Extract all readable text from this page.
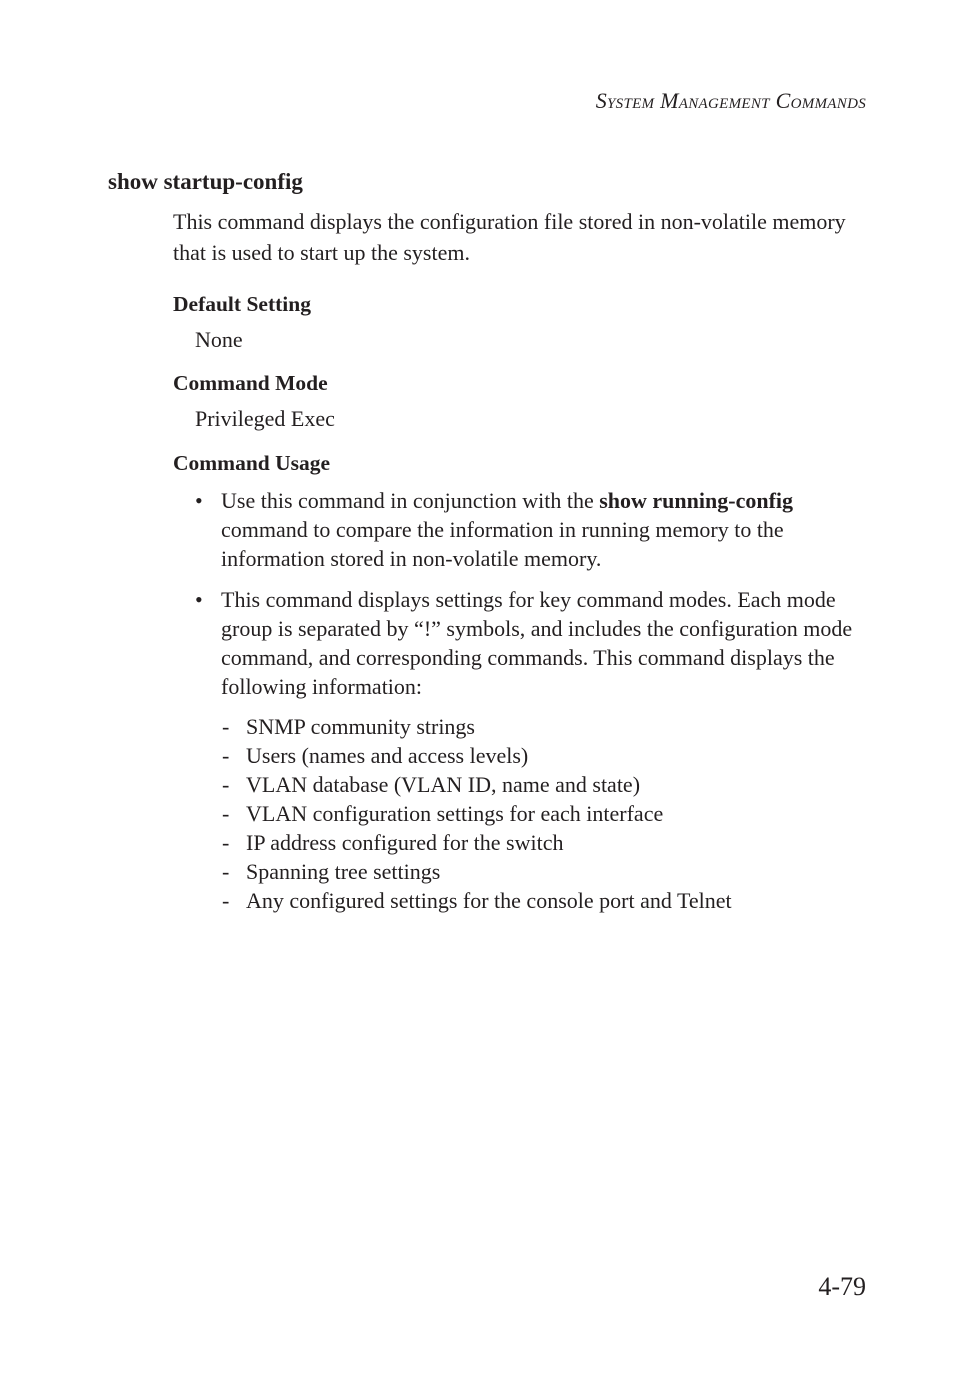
System Management Commands
show startup-config
This command displays the configuration file stored in non-volatile memory that is used to start up the system.
Default Setting
None
Command Mode
Privileged Exec
Command Usage
• Use this command in conjunction with the show running-config command to compare the information in running memory to the information stored in non-volatile memory.
• This command displays settings for key command modes. Each mode group is separated by “!” symbols, and includes the configuration mode command, and corresponding commands. This command displays the following information:
- SNMP community strings
- Users (names and access levels)
- VLAN database (VLAN ID, name and state)
- VLAN configuration settings for each interface
- IP address configured for the switch
- Spanning tree settings
- Any configured settings for the console port and Telnet
4-79
